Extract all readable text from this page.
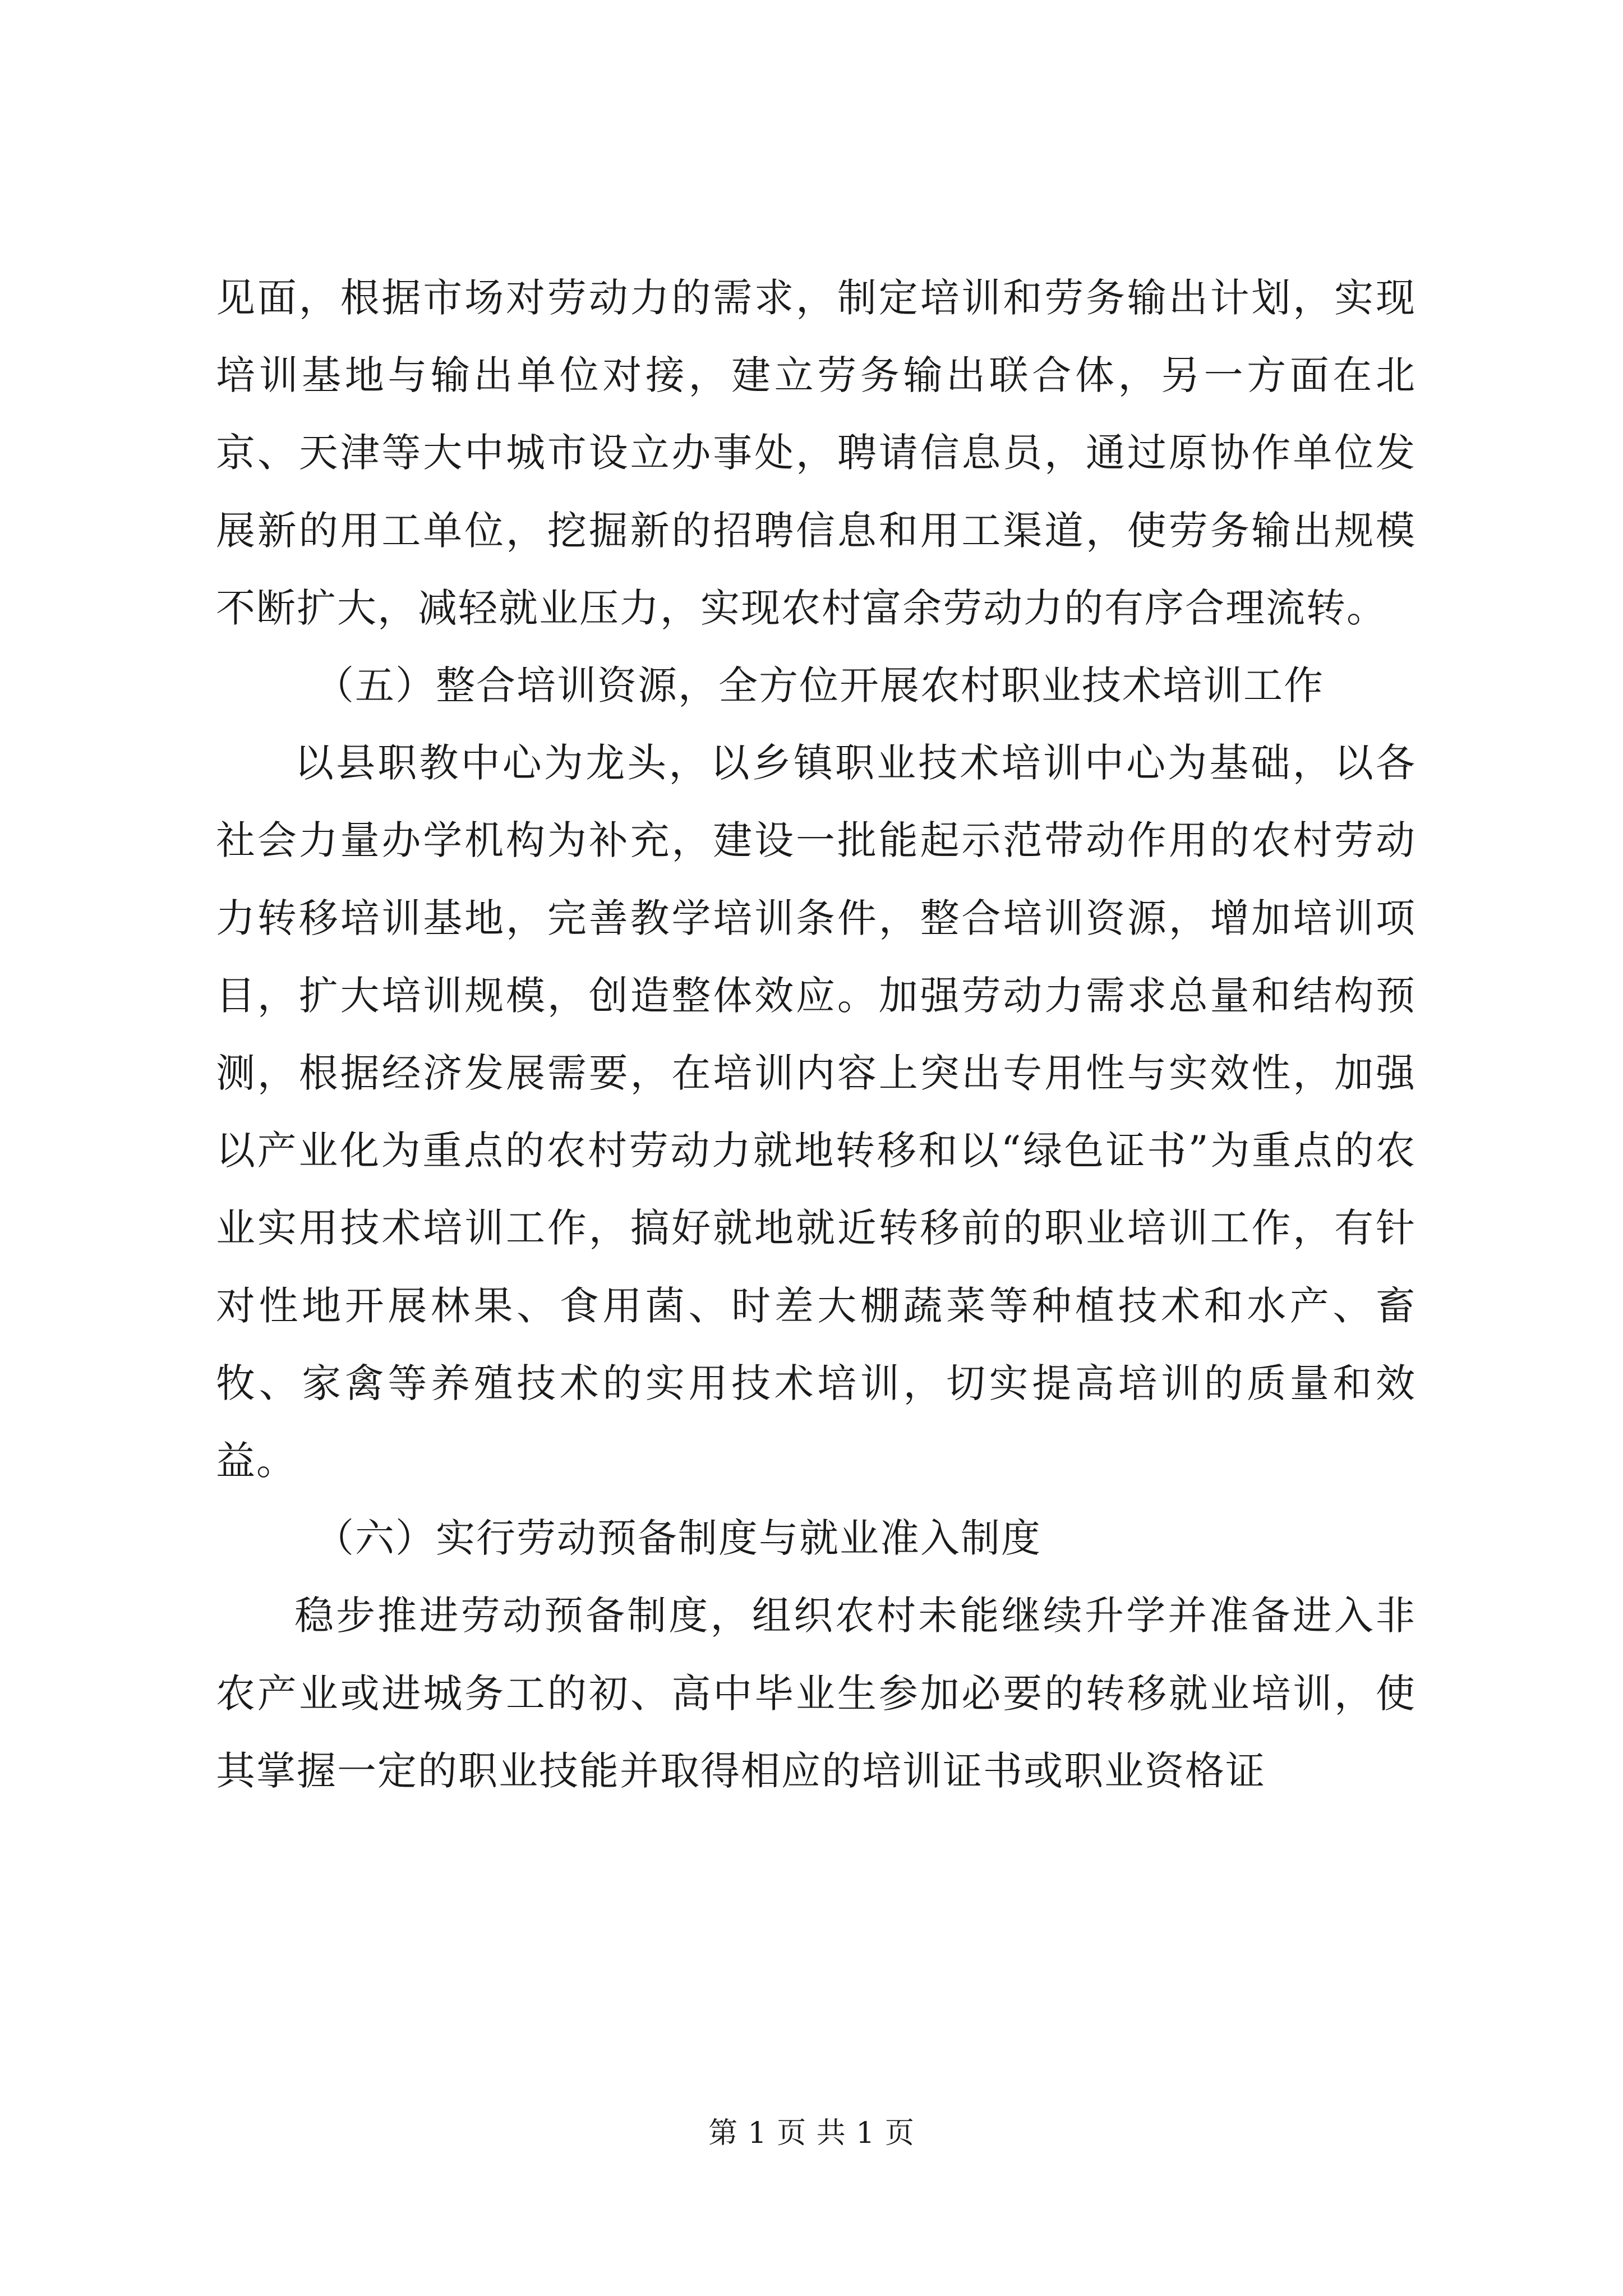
见面，根据市场对劳动力的需求，制定培训和劳务输出计划，实现培训基地与输出单位对接，建立劳务输出联合体，另一方面在北京、天津等大中城市设立办事处，聘请信息员，通过原协作单位发展新的用工单位，挖掘新的招聘信息和用工渠道，使劳务输出规模不断扩大，减轻就业压力，实现农村富余劳动力的有序合理流转。

（五）整合培训资源，全方位开展农村职业技术培训工作

以县职教中心为龙头，以乡镇职业技术培训中心为基础，以各社会力量办学机构为补充，建设一批能起示范带动作用的农村劳动力转移培训基地，完善教学培训条件，整合培训资源，增加培训项目，扩大培训规模，创造整体效应。加强劳动力需求总量和结构预测，根据经济发展需要，在培训内容上突出专用性与实效性，加强以产业化为重点的农村劳动力就地转移和以“绿色证书”为重点的农业实用技术培训工作，搞好就地就近转移前的职业培训工作，有针对性地开展林果、食用菌、时差大棚蔬菜等种植技术和水产、畜牧、家禽等养殖技术的实用技术培训，切实提高培训的质量和效益。

（六）实行劳动预备制度与就业准入制度

稳步推进劳动预备制度，组织农村未能继续升学并准备进入非农产业或进城务工的初、高中毕业生参加必要的转移就业培训，使其掌握一定的职业技能并取得相应的培训证书或职业资格证

第 1 页 共 1 页
